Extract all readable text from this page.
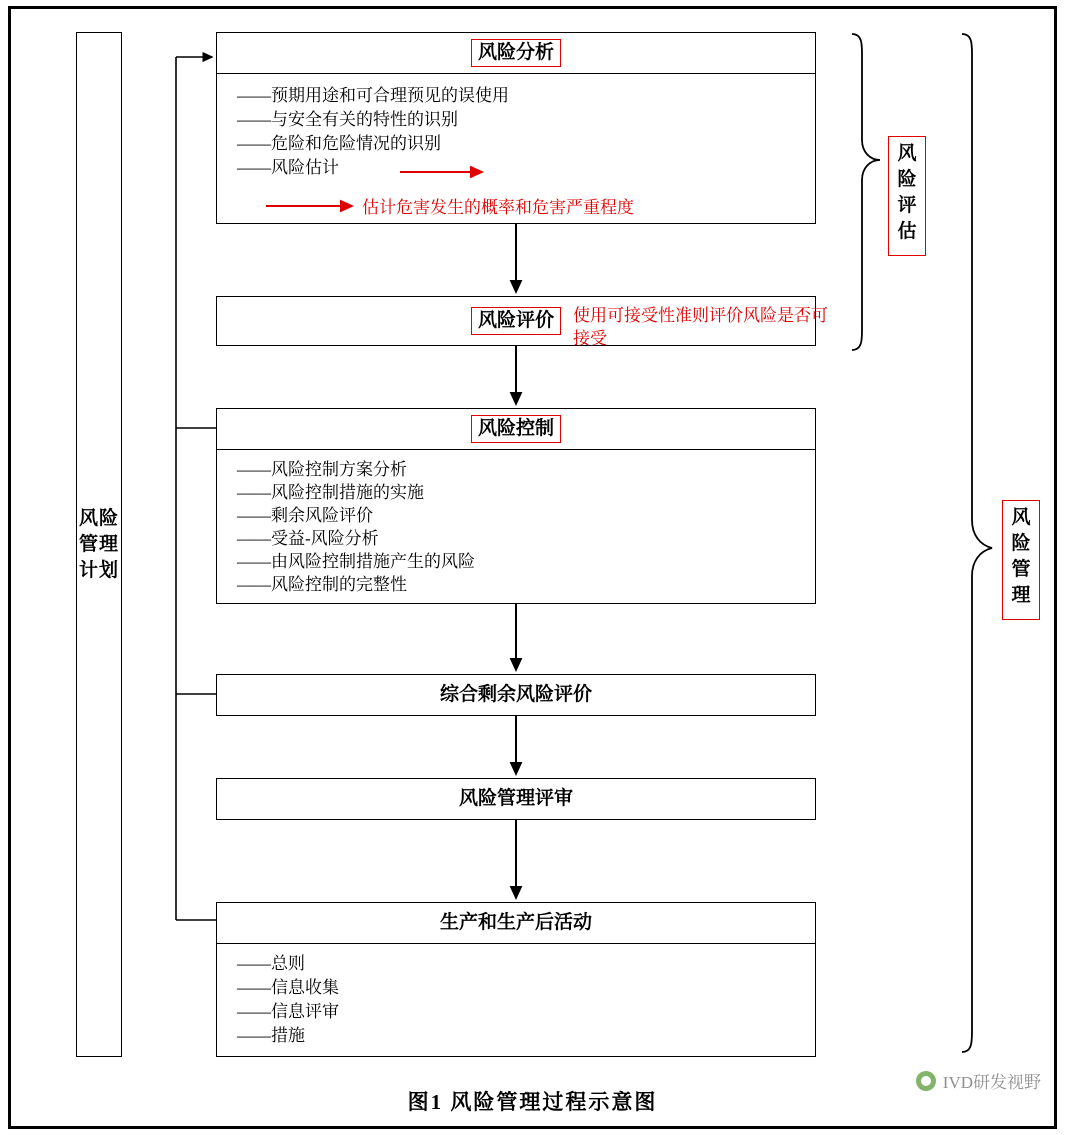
风险管理计划
风险分析
——预期用途和可合理预见的误使用
——与安全有关的特性的识别
——危险和危险情况的识别
——风险估计
风险评价
风险控制
——风险控制方案分析
——风险控制措施的实施
——剩余风险评价
——受益-风险分析
——由风险控制措施产生的风险
——风险控制的完整性
综合剩余风险评价
风险管理评审
生产和生产后活动
——总则
——信息收集
——信息评审
——措施
估计危害发生的概率和危害严重程度
使用可接受性准则评价风险是否可接受
风险评估
风险管理
图1 风险管理过程示意图
IVD研发视野
